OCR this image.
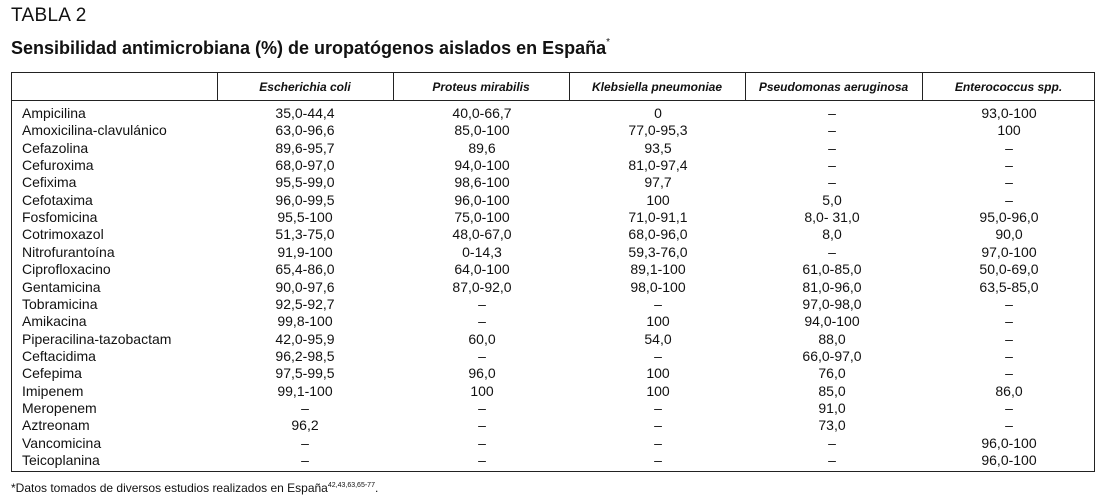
TABLA 2
Sensibilidad antimicrobiana (%) de uropatógenos aislados en España*
Escherichia coli	Proteus mirabilis	Klebsiella pneumoniae	Pseudomonas aeruginosa	Enterococcus spp.
Ampicilina	35,0-44,4	40,0-66,7	0	–	93,0-100
Amoxicilina-clavulánico	63,0-96,6	85,0-100	77,0-95,3	–	100
Cefazolina	89,6-95,7	89,6	93,5	–	–
Cefuroxima	68,0-97,0	94,0-100	81,0-97,4	–	–
Cefixima	95,5-99,0	98,6-100	97,7	–	–
Cefotaxima	96,0-99,5	96,0-100	100	5,0	–
Fosfomicina	95,5-100	75,0-100	71,0-91,1	8,0- 31,0	95,0-96,0
Cotrimoxazol	51,3-75,0	48,0-67,0	68,0-96,0	8,0	90,0
Nitrofurantoína	91,9-100	0-14,3	59,3-76,0	–	97,0-100
Ciprofloxacino	65,4-86,0	64,0-100	89,1-100	61,0-85,0	50,0-69,0
Gentamicina	90,0-97,6	87,0-92,0	98,0-100	81,0-96,0	63,5-85,0
Tobramicina	92,5-92,7	–	–	97,0-98,0	–
Amikacina	99,8-100	–	100	94,0-100	–
Piperacilina-tazobactam	42,0-95,9	60,0	54,0	88,0	–
Ceftacidima	96,2-98,5	–	–	66,0-97,0	–
Cefepima	97,5-99,5	96,0	100	76,0	–
Imipenem	99,1-100	100	100	85,0	86,0
Meropenem	–	–	–	91,0	–
Aztreonam	96,2	–	–	73,0	–
Vancomicina	–	–	–	–	96,0-100
Teicoplanina	–	–	–	–	96,0-100
*Datos tomados de diversos estudios realizados en España$^{42,43,63,65-77}$.
